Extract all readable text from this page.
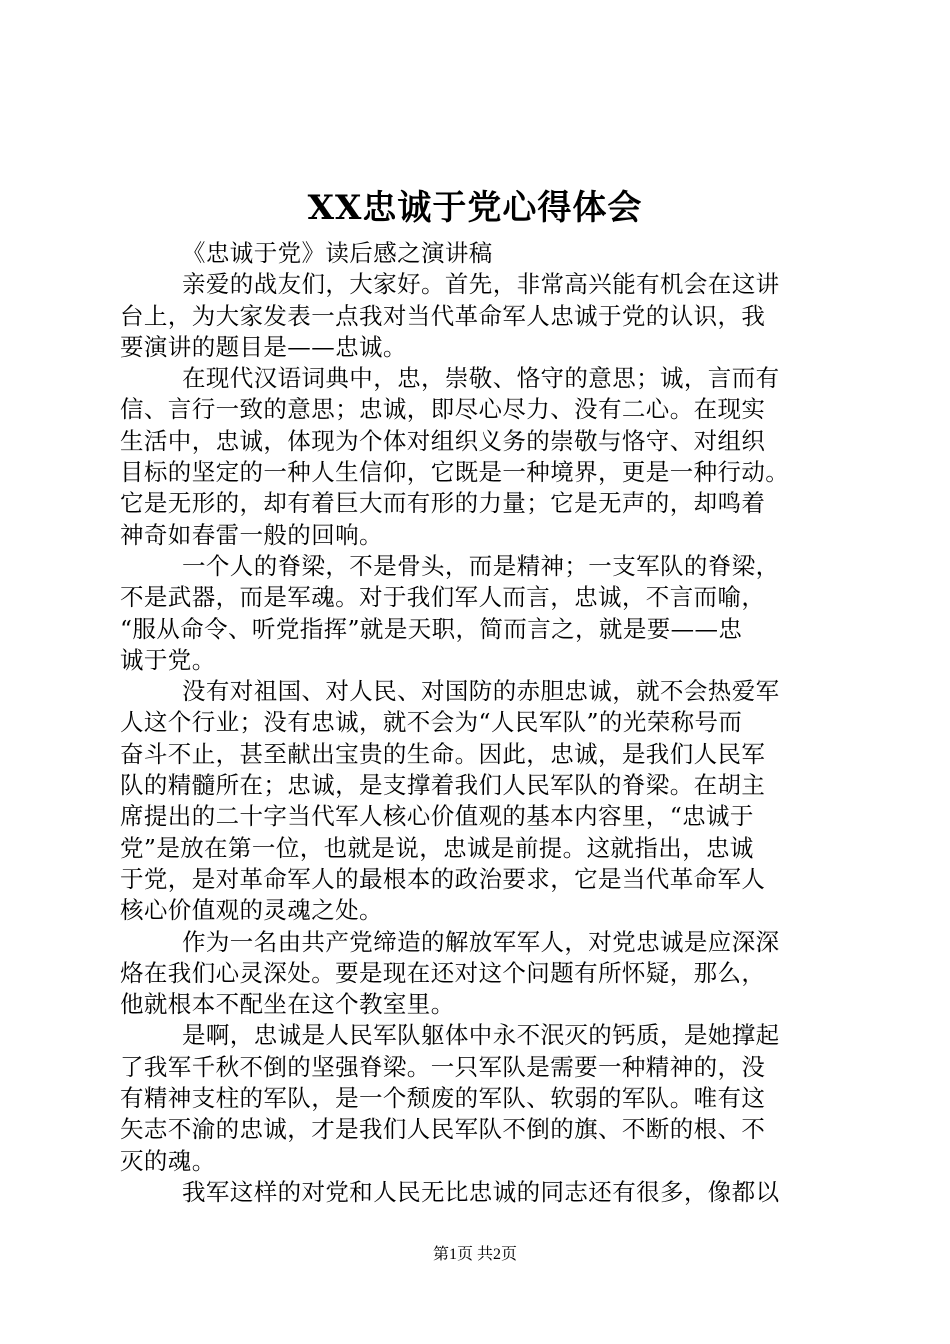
XX忠诚于党心得体会
《忠诚于党》读后感之演讲稿
亲爱的战友们，大家好。首先，非常高兴能有机会在这讲
台上，为大家发表一点我对当代革命军人忠诚于党的认识，我
要演讲的题目是——忠诚。
在现代汉语词典中，忠，崇敬、恪守的意思；诚，言而有
信、言行一致的意思；忠诚，即尽心尽力、没有二心。在现实
生活中，忠诚，体现为个体对组织义务的崇敬与恪守、对组织
目标的坚定的一种人生信仰，它既是一种境界，更是一种行动。
它是无形的，却有着巨大而有形的力量；它是无声的，却鸣着
神奇如春雷一般的回响。
一个人的脊梁，不是骨头，而是精神；一支军队的脊梁，
不是武器，而是军魂。对于我们军人而言，忠诚，不言而喻，
“服从命令、听党指挥”就是天职，简而言之，就是要——忠
诚于党。
没有对祖国、对人民、对国防的赤胆忠诚，就不会热爱军
人这个行业；没有忠诚，就不会为“人民军队”的光荣称号而
奋斗不止，甚至献出宝贵的生命。因此，忠诚，是我们人民军
队的精髓所在；忠诚，是支撑着我们人民军队的脊梁。在胡主
席提出的二十字当代军人核心价值观的基本内容里，“忠诚于
党”是放在第一位，也就是说，忠诚是前提。这就指出，忠诚
于党，是对革命军人的最根本的政治要求，它是当代革命军人
核心价值观的灵魂之处。
作为一名由共产党缔造的解放军军人，对党忠诚是应深深
烙在我们心灵深处。要是现在还对这个问题有所怀疑，那么，
他就根本不配坐在这个教室里。
是啊，忠诚是人民军队躯体中永不泯灭的钙质，是她撑起
了我军千秋不倒的坚强脊梁。一只军队是需要一种精神的，没
有精神支柱的军队，是一个颓废的军队、软弱的军队。唯有这
矢志不渝的忠诚，才是我们人民军队不倒的旗、不断的根、不
灭的魂。
我军这样的对党和人民无比忠诚的同志还有很多，像都以
第1页 共2页
